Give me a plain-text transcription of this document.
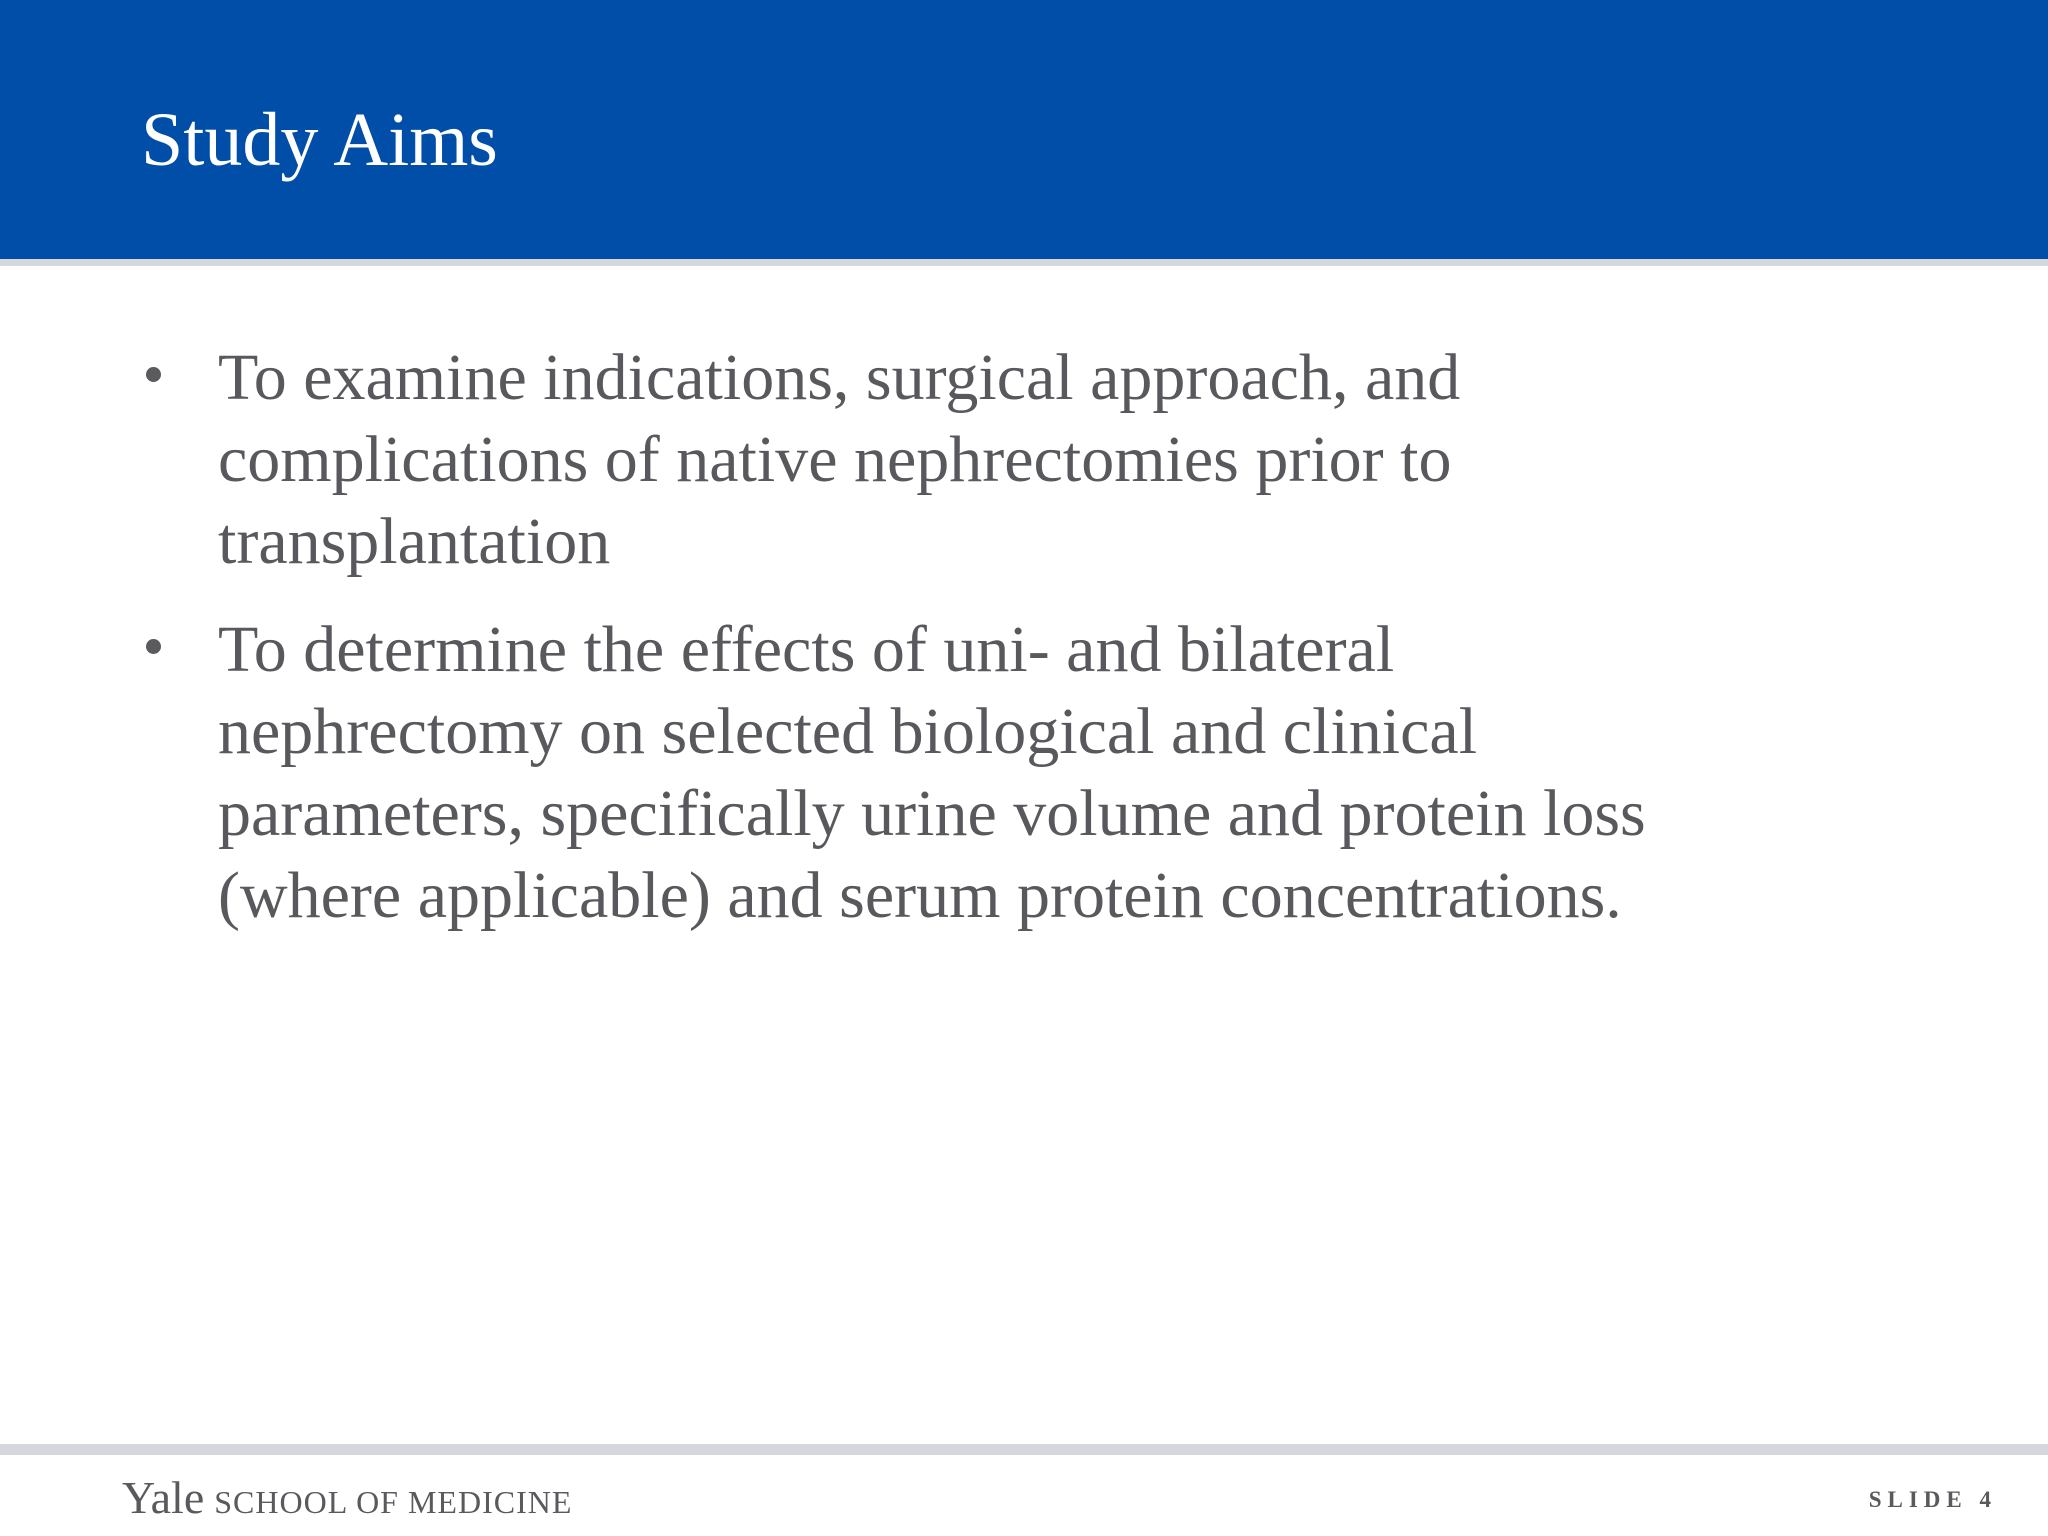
Study Aims
To examine indications, surgical approach, and
complications of native nephrectomies prior to
transplantation
To determine the effects of uni- and bilateral
nephrectomy on selected biological and clinical
parameters, specifically urine volume and protein loss
(where applicable) and serum protein concentrations.
Yale SCHOOL OF MEDICINE	SLIDE 4
